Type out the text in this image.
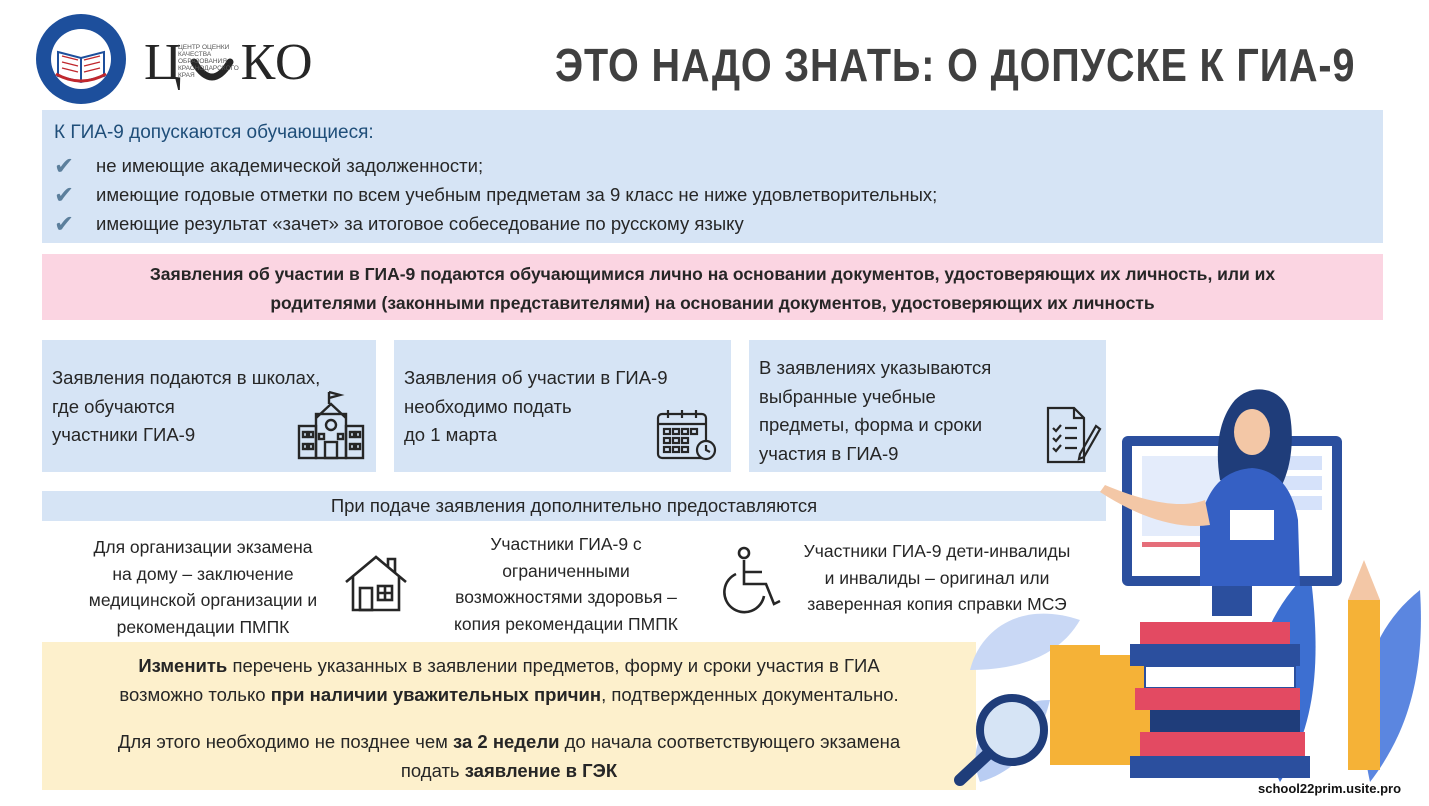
Ц КО
ЦЕНТР ОЦЕНКИ КАЧЕСТВА ОБРАЗОВАНИЯ КРАСНОДАРСКОГО КРАЯ	ЭТО НАДО ЗНАТЬ: О ДОПУСКЕ К ГИА-9
К ГИА-9 допускаются обучающиеся:
✔ не имеющие академической задолженности;
✔ имеющие годовые отметки по всем учебным предметам за 9 класс не ниже удовлетворительных;
✔ имеющие результат «зачет» за итоговое собеседование по русскому языку
Заявления об участии в ГИА-9 подаются обучающимися лично на основании документов, удостоверяющих их личность, или их
родителями (законными представителями) на основании документов, удостоверяющих их личность
Заявления подаются в школах,
где обучаются
участники ГИА-9
Заявления об участии в ГИА-9
необходимо подать
до 1 марта
В заявлениях указываются
выбранные учебные
предметы, форма и сроки
участия в ГИА-9
При подаче заявления дополнительно предоставляются
Для организации экзамена
на дому – заключение
медицинской организации и
рекомендации ПМПК
Участники ГИА-9 с
ограниченными
возможностями здоровья –
копия рекомендации ПМПК
Участники ГИА-9 дети-инвалиды
и инвалиды – оригинал или
заверенная копия справки МСЭ
Изменить перечень указанных в заявлении предметов, форму и сроки участия в ГИА
возможно только при наличии уважительных причин, подтвержденных документально.
Для этого необходимо не позднее чем за 2 недели до начала соответствующего экзамена
подать заявление в ГЭК
school22prim.usite.pro
